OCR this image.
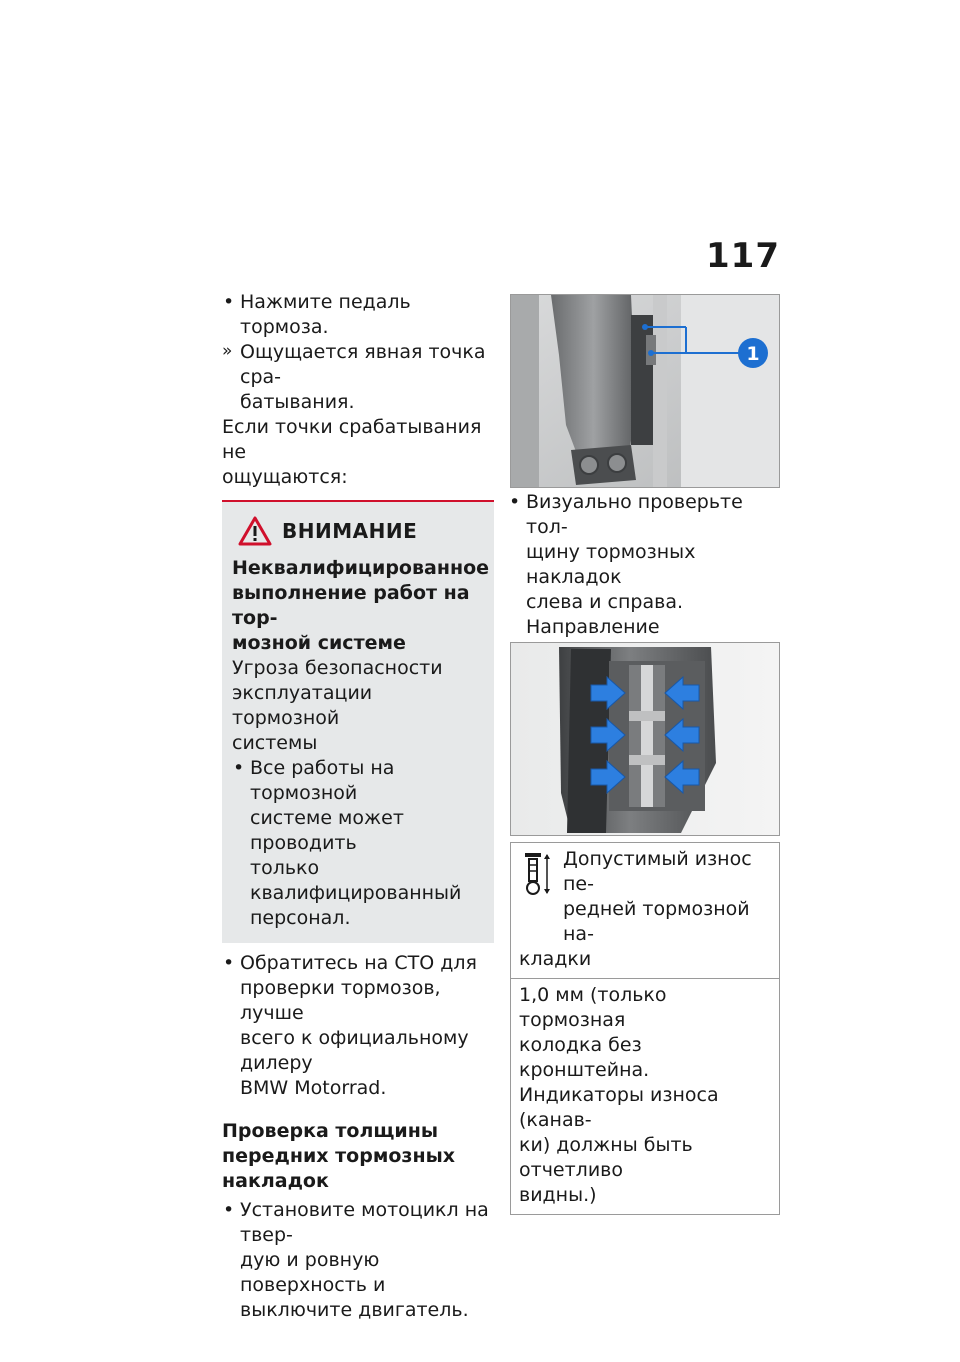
117

• Нажмите педаль тормоза.

» Ощущается явная точка сра-
батывания.

Если точки срабатывания не
ощущаются:

ВНИМАНИЕ
Неквалифицированное
выполнение работ на тор-
мозной системе
Угроза безопасности
эксплуатации тормозной
системы

• Все работы на тормозной
системе может проводить
только квалифицированный
персонал.

• Обратитесь на СТО для
проверки тормозов, лучше
всего к официальному дилеру
BMW Motorrad.

Проверка толщины
передних тормозных
накладок

• Установите мотоцикл на твер-
дую и ровную поверхность и
выключите двигатель.

1

• Визуально проверьте тол-
щину тормозных накладок
слева и справа. Направление

Допустимый износ пе-
редней тормозной на-
кладки
1,0 мм (только тормозная
колодка без кронштейна.
Индикаторы износа (канав-
ки) должны быть отчетливо
видны.)
